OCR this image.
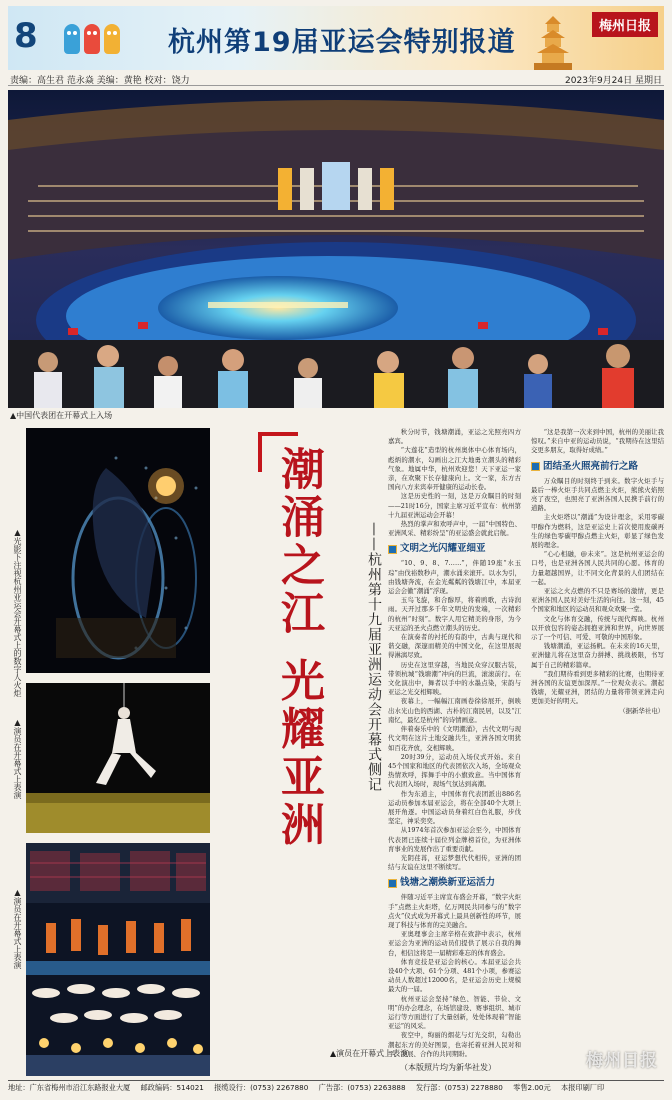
8	杭州第19届亚运会特别报道
梅州日报
责编：高生君 范永焱 美编：黄艳 校对：饶力	2023年9月24日 星期日
▲中国代表团在开幕式上入场
▲光影下注视杭州亚运会开幕式上的数字人火炬
▲演员在开幕式上表演
▲演员在开幕式上表演
潮涌之江 光耀亚洲	——杭州第十九届亚洲运动会开幕式侧记

秋分时节，钱塘潮涌，亚运之光照亮四方嘉宾。

“大莲花”造型的杭州奥体中心体育场内，彪炳的潮水，勾画出之江大地勇立潮头的精彩气象。地属中华，杭州欢迎您！天下亚运一家亲，在欢聚下长存健康向上。文一家，东方古国向八方来宾奉开健康的运动长卷。

这是历史性的一刻，这是万众瞩目的时刻——21时16分，国家主席习近平宣布：杭州第十九届亚洲运动会开幕！

热烈的掌声和欢呼声中，一届“中国特色、亚洲风采、精彩纷呈”的亚运盛会就此启航。

文明之光闪耀亚细亚

“10、9、8、7……”，伴随19座“水玉琮”由伐裕数秒声，潮水涌来滚开。以水为引，由钱塘奔流，在金光粼粼的钱塘江中，本届亚运会会徽“潮涌”浮现。

玉鸟飞旋，和合醇厚，将着鸥歌，古诗润雨。天开过那多千年文明史的发端，一次精彩的杭州“时刻”。数字人用它精美的身形，为今天亚运的圣火点燃立潮头的历史。

在演奏者的衬托的有韵中，古典与现代和谐交融，深邃而精美的中国文化，在这里展现得淋漓尽致。

历史在这里穿越，当地民众穿汉服古装，带领杭城“钱塘潮”冲向的巨流，滚滚前行。在文化演出中，舞者以手中的水墨点染，宋韵与亚运之光交相辉映。

夜幕上，一幅幅江南画卷徐徐展开，倒映出水光山色的西湖、古朴的江南民居，以及“江南忆，最忆是杭州”的诗情画意。

伴着奏乐中的《文明潮涌》，古代文明与现代文明在这片土地交融共生，亚洲各国文明犹如百花齐放，交相辉映。

20时39分，运动员入场仪式开始。来自45个国家和地区的代表团依次入场，全场观众热情欢呼，挥舞手中的小旗致意。当中国体育代表团入场时，现场气氛达到高潮。

作为东道主，中国体育代表团派出886名运动员参加本届亚运会，将在全部40个大项上展开角逐。中国运动员身着红白色礼服，步伐坚定，神采奕奕。

从1974年首次参加亚运会至今，中国体育代表团已连续十届位列金牌榜首位，为亚洲体育事业的发展作出了重要贡献。

光阴荏苒，亚运梦想代代相传，亚洲的团结与友谊在这里不断续写。

钱塘之潮焕新亚运活力

伴随习近平主席宣布盛会开幕，“数字火炬手”点燃主火炬塔，亿万网民共同参与的“数字点火”仪式成为开幕式上最具创新性的环节，展现了科技与体育的完美融合。

亚奥理事会主席辛格在致辞中表示，杭州亚运会为亚洲的运动员们提供了展示自我的舞台，相信这将是一届精彩难忘的体育盛会。

体育竞技是亚运会的核心。本届亚运会共设40个大项、61个分项、481个小项，参赛运动员人数超过12000名，是亚运会历史上规模最大的一届。

杭州亚运会坚持“绿色、智能、节俭、文明”的办会理念，在场馆建设、赛事组织、城市运行等方面进行了大量创新，处处体现着“智能亚运”的风采。

夜空中，绚丽的烟花与灯光交织，勾勒出潮起东方的美好图景，也寄托着亚洲人民对和平、发展、合作的共同期盼。

“这是我第一次来到中国，杭州的美丽让我惊叹。”来自中亚的运动员说，“我期待在这里结交更多朋友，取得好成绩。”

团结圣火照亮前行之路

万众瞩目的时刻终于到来。数字火炬手与最后一棒火炬手共同点燃主火炬，熊熊火焰照亮了夜空，也照亮了亚洲各国人民携手前行的道路。

主火炬塔以“潮涌”为设计理念，采用零碳甲醇作为燃料，这是亚运史上首次使用废碳再生的绿色零碳甲醇点燃主火炬，彰显了绿色发展的理念。

“心心相融，@未来”。这是杭州亚运会的口号，也是亚洲各国人民共同的心愿。体育的力量超越国界，让不同文化背景的人们团结在一起。

亚运之火点燃的不只是赛场的激情，更是亚洲各国人民对美好生活的向往。这一刻，45个国家和地区的运动员和观众欢聚一堂。

文化与体育交融，传统与现代辉映。杭州以开放包容的姿态拥抱亚洲和世界，向世界展示了一个可信、可爱、可敬的中国形象。

钱塘潮涌，亚运扬帆。在未来的16天里，亚洲健儿将在这里奋力拼搏、挑战极限，书写属于自己的精彩篇章。

“我们期待看到更多精彩的比赛，也期待亚洲各国的友谊更加深厚。”一位观众表示。潮起钱塘，光耀亚洲，团结的力量将带领亚洲走向更加美好的明天。

（据新华社电）

▲演员在开幕式上表演
（本版照片均为新华社发）	梅州日报
地址：广东省梅州市沿江东路报业大厦 邮政编码：514021 报缆设行：(0753) 2267880 广告部：(0753) 2263888 发行部：(0753) 2278880 零售2.00元 本报印刷厂印
